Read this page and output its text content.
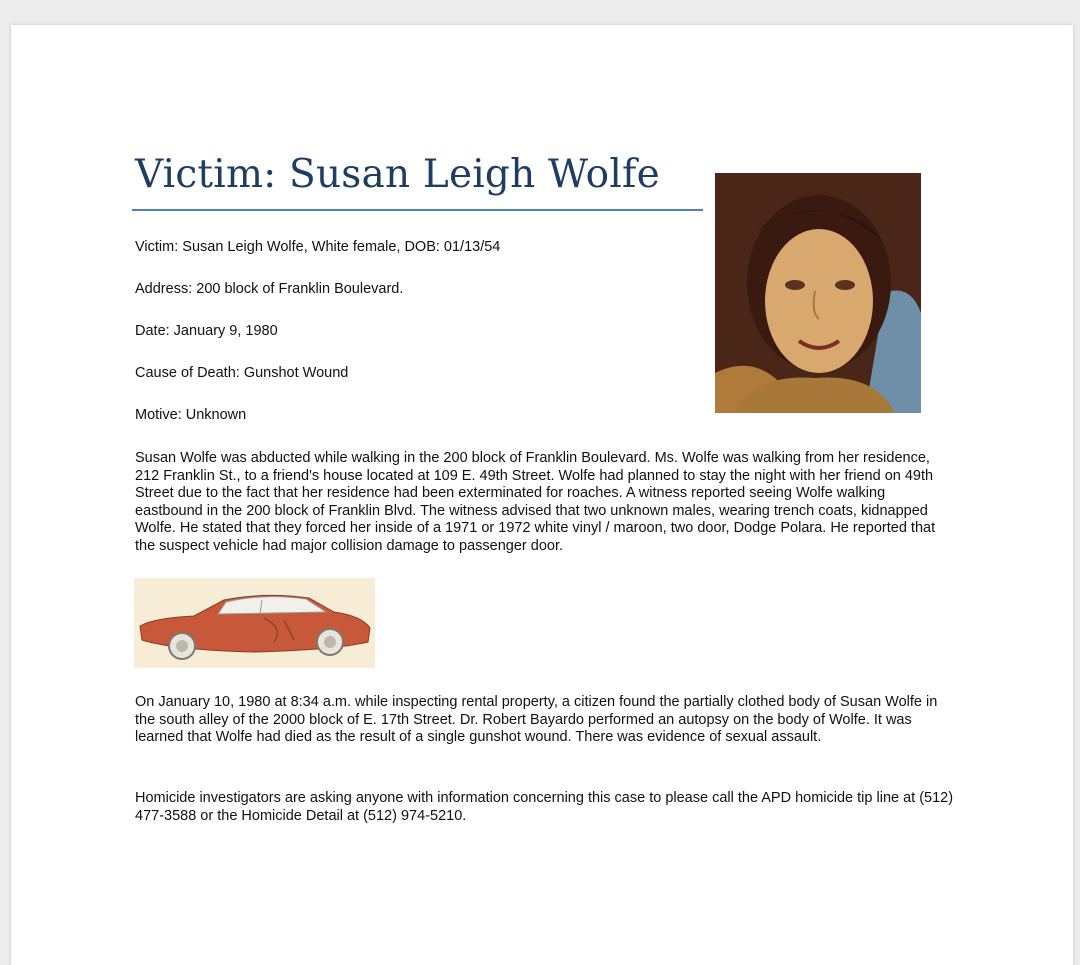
Victim: Susan Leigh Wolfe

Victim: Susan Leigh Wolfe, White female, DOB: 01/13/54

Address: 200 block of Franklin Boulevard.

Date: January 9, 1980

Cause of Death: Gunshot Wound

Motive: Unknown

Susan Wolfe was abducted while walking in the 200 block of Franklin Boulevard. Ms. Wolfe was walking from her residence, 212 Franklin St., to a friend's house located at 109 E. 49th Street. Wolfe had planned to stay the night with her friend on 49th Street due to the fact that her residence had been exterminated for roaches. A witness reported seeing Wolfe walking eastbound in the 200 block of Franklin Blvd. The witness advised that two unknown males, wearing trench coats, kidnapped Wolfe. He stated that they forced her inside of a 1971 or 1972 white vinyl / maroon, two door, Dodge Polara. He reported that the suspect vehicle had major collision damage to passenger door.

On January 10, 1980 at 8:34 a.m. while inspecting rental property, a citizen found the partially clothed body of Susan Wolfe in the south alley of the 2000 block of E. 17th Street. Dr. Robert Bayardo performed an autopsy on the body of Wolfe. It was learned that Wolfe had died as the result of a single gunshot wound. There was evidence of sexual assault.

Homicide investigators are asking anyone with information concerning this case to please call the APD homicide tip line at (512) 477-3588 or the Homicide Detail at (512) 974-5210.
